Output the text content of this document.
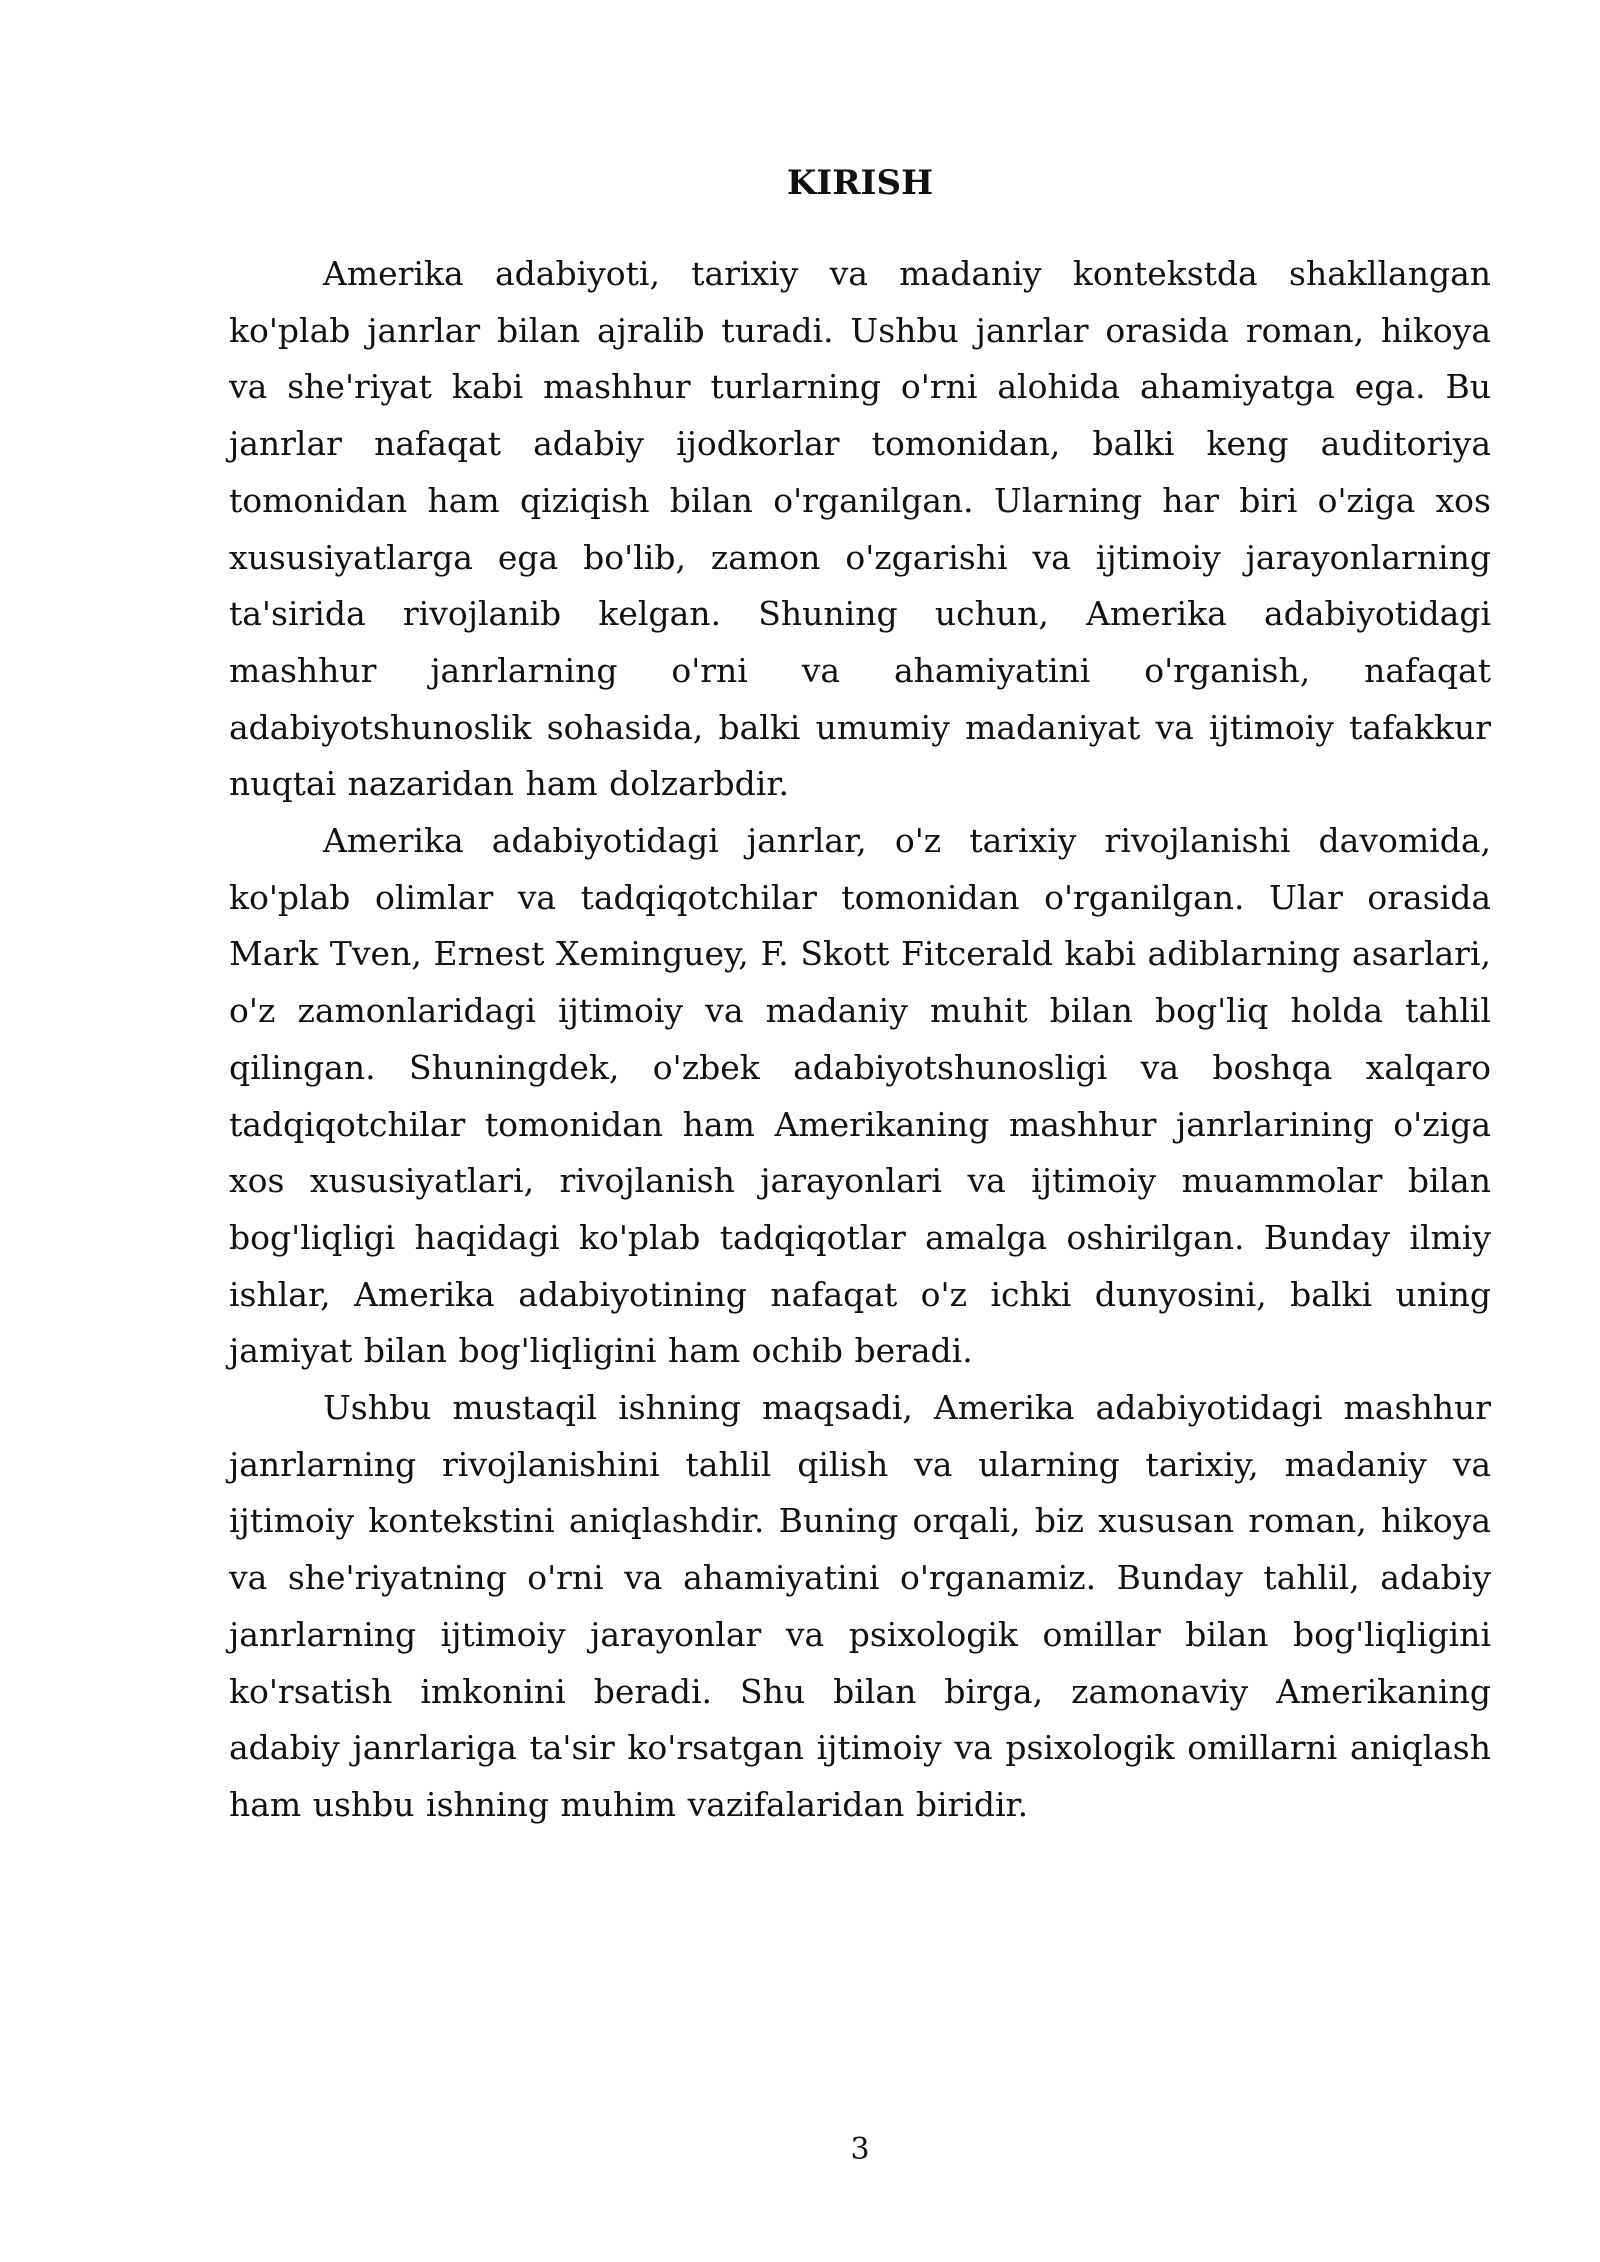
KIRISH

Amerika adabiyoti, tarixiy va madaniy kontekstda shakllangan ko'plab janrlar bilan ajralib turadi. Ushbu janrlar orasida roman, hikoya va she'riyat kabi mashhur turlarning o'rni alohida ahamiyatga ega. Bu janrlar nafaqat adabiy ijodkorlar tomonidan, balki keng auditoriya tomonidan ham qiziqish bilan o'rganilgan. Ularning har biri o'ziga xos xususiyatlarga ega bo'lib, zamon o'zgarishi va ijtimoiy jarayonlarning ta'sirida rivojlanib kelgan. Shuning uchun, Amerika adabiyotidagi mashhur janrlarning o'rni va ahamiyatini o'rganish, nafaqat adabiyotshunoslik sohasida, balki umumiy madaniyat va ijtimoiy tafakkur nuqtai nazaridan ham dolzarbdir.

Amerika adabiyotidagi janrlar, o'z tarixiy rivojlanishi davomida, ko'plab olimlar va tadqiqotchilar tomonidan o'rganilgan. Ular orasida Mark Tven, Ernest Xeminguey, F. Skott Fitcerald kabi adiblarning asarlari, o'z zamonlaridagi ijtimoiy va madaniy muhit bilan bog'liq holda tahlil qilingan. Shuningdek, o'zbek adabiyotshunosligi va boshqa xalqaro tadqiqotchilar tomonidan ham Amerikaning mashhur janrlarining o'ziga xos xususiyatlari, rivojlanish jarayonlari va ijtimoiy muammolar bilan bog'liqligi haqidagi ko'plab tadqiqotlar amalga oshirilgan. Bunday ilmiy ishlar, Amerika adabiyotining nafaqat o'z ichki dunyosini, balki uning jamiyat bilan bog'liqligini ham ochib beradi.

Ushbu mustaqil ishning maqsadi, Amerika adabiyotidagi mashhur janrlarning rivojlanishini tahlil qilish va ularning tarixiy, madaniy va ijtimoiy kontekstini aniqlashdir. Buning orqali, biz xususan roman, hikoya va she'riyatning o'rni va ahamiyatini o'rganamiz. Bunday tahlil, adabiy janrlarning ijtimoiy jarayonlar va psixologik omillar bilan bog'liqligini ko'rsatish imkonini beradi. Shu bilan birga, zamonaviy Amerikaning adabiy janrlariga ta'sir ko'rsatgan ijtimoiy va psixologik omillarni aniqlash ham ushbu ishning muhim vazifalaridan biridir.

3
